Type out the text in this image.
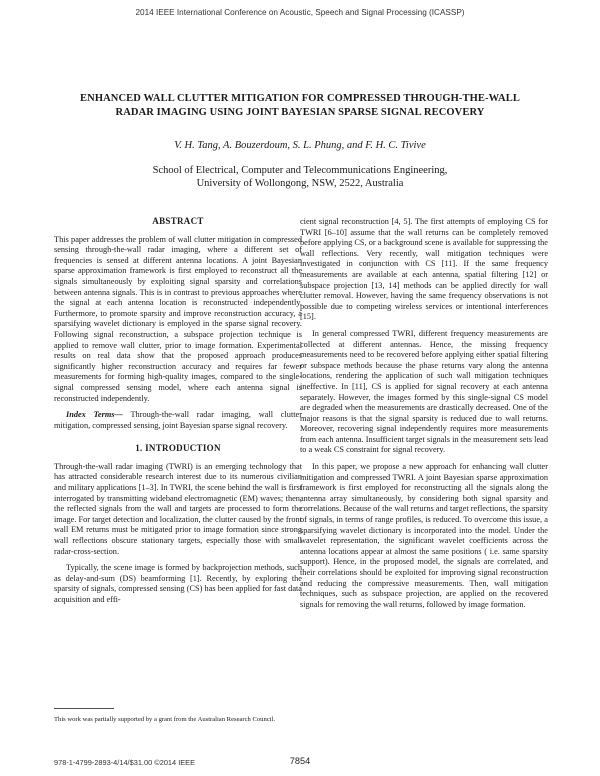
2014 IEEE International Conference on Acoustic, Speech and Signal Processing (ICASSP)
ENHANCED WALL CLUTTER MITIGATION FOR COMPRESSED THROUGH-THE-WALL
RADAR IMAGING USING JOINT BAYESIAN SPARSE SIGNAL RECOVERY
V. H. Tang, A. Bouzerdoum, S. L. Phung, and F. H. C. Tivive
School of Electrical, Computer and Telecommunications Engineering,
University of Wollongong, NSW, 2522, Australia
ABSTRACT

This paper addresses the problem of wall clutter mitigation in compressed sensing through-the-wall radar imaging, where a different set of frequencies is sensed at different antenna locations. A joint Bayesian sparse approximation framework is first employed to reconstruct all the signals simultaneously by exploiting signal sparsity and correlations between antenna signals. This is in contrast to previous approaches where the signal at each antenna location is reconstructed independently. Furthermore, to promote sparsity and improve reconstruction accuracy, a sparsifying wavelet dictionary is employed in the sparse signal recovery. Following signal reconstruction, a subspace projection technique is applied to remove wall clutter, prior to image formation. Experimental results on real data show that the proposed approach produces significantly higher reconstruction accuracy and requires far fewer measurements for forming high-quality images, compared to the single-signal compressed sensing model, where each antenna signal is reconstructed independently.

Index Terms— Through-the-wall radar imaging, wall clutter mitigation, compressed sensing, joint Bayesian sparse signal recovery.

1. INTRODUCTION

Through-the-wall radar imaging (TWRI) is an emerging technology that has attracted considerable research interest due to its numerous civilian and military applications [1–3]. In TWRI, the scene behind the wall is first interrogated by transmitting wideband electromagnetic (EM) waves; then, the reflected signals from the wall and targets are processed to form the image. For target detection and localization, the clutter caused by the front wall EM returns must be mitigated prior to image formation since strong wall reflections obscure stationary targets, especially those with small radar-cross-section.

Typically, the scene image is formed by backprojection methods, such as delay-and-sum (DS) beamforming [1]. Recently, by exploring the sparsity of signals, compressed sensing (CS) has been applied for fast data acquisition and effi-

cient signal reconstruction [4, 5]. The first attempts of employing CS for TWRI [6–10] assume that the wall returns can be completely removed before applying CS, or a background scene is available for suppressing the wall reflections. Very recently, wall mitigation techniques were investigated in conjunction with CS [11]. If the same frequency measurements are available at each antenna, spatial filtering [12] or subspace projection [13, 14] methods can be applied directly for wall clutter removal. However, having the same frequency observations is not possible due to competing wireless services or intentional interferences [15].

In general compressed TWRI, different frequency measurements are collected at different antennas. Hence, the missing frequency measurements need to be recovered before applying either spatial filtering or subspace methods because the phase returns vary along the antenna locations, rendering the application of such wall mitigation techniques ineffective. In [11], CS is applied for signal recovery at each antenna separately. However, the images formed by this single-signal CS model are degraded when the measurements are drastically decreased. One of the major reasons is that the signal sparsity is reduced due to wall returns. Moreover, recovering signal independently requires more measurements from each antenna. Insufficient target signals in the measurement sets lead to a weak CS constraint for signal recovery.

In this paper, we propose a new approach for enhancing wall clutter mitigation and compressed TWRI. A joint Bayesian sparse approximation framework is first employed for reconstructing all the signals along the antenna array simultaneously, by considering both signal sparsity and correlations. Because of the wall returns and target reflections, the sparsity of signals, in terms of range profiles, is reduced. To overcome this issue, a sparsifying wavelet dictionary is incorporated into the model. Under the wavelet representation, the significant wavelet coefficients across the antenna locations appear at almost the same positions ( i.e. same sparsity support). Hence, in the proposed model, the signals are correlated, and their correlations should be exploited for improving signal reconstruction and reducing the compressive measurements. Then, wall mitigation techniques, such as subspace projection, are applied on the recovered signals for removing the wall returns, followed by image formation.

This work was partially supported by a grant from the Australian Research Council.
978-1-4799-2893-4/14/$31.00 ©2014 IEEE	7854
